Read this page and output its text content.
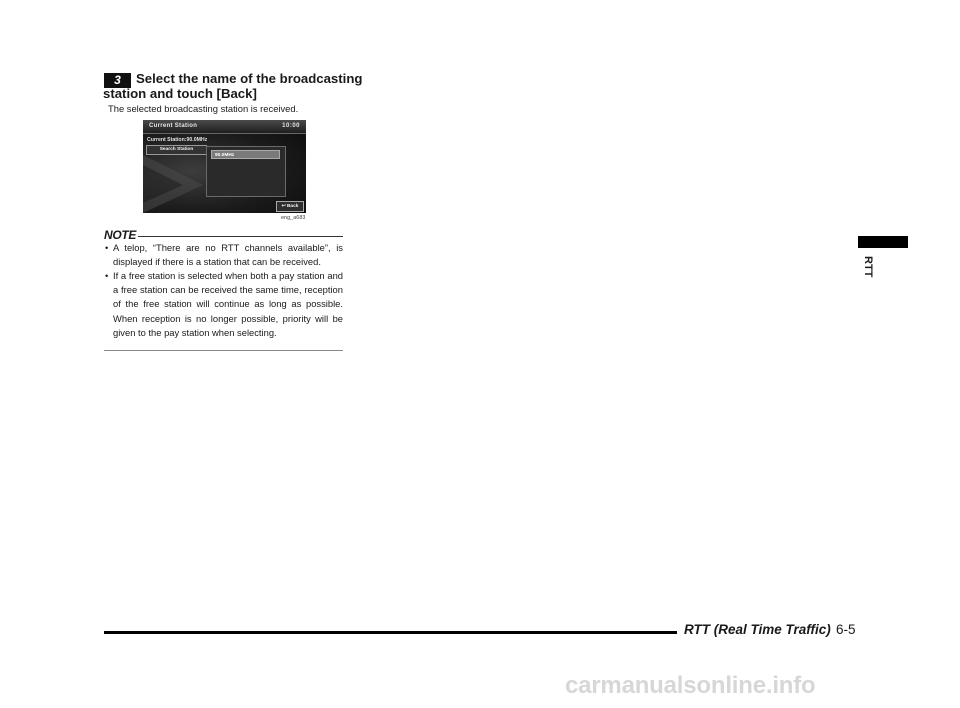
3	Select the name of the broadcasting
station and touch [Back]
The selected broadcasting station is received.
Current Station	10:00
Current Station:90.0MHz
Search Station
90.0MHz
↩ Back
eng_a683
NOTE
• A telop, “There are no RTT channels available”, is displayed if there is a station that can be received.
• If a free station is selected when both a pay station and a free station can be received the same time, reception of the free station will continue as long as possible. When reception is no longer possible, priority will be given to the pay station when selecting.
RTT
RTT (Real Time Traffic) 6-5
carmanualsonline.info
